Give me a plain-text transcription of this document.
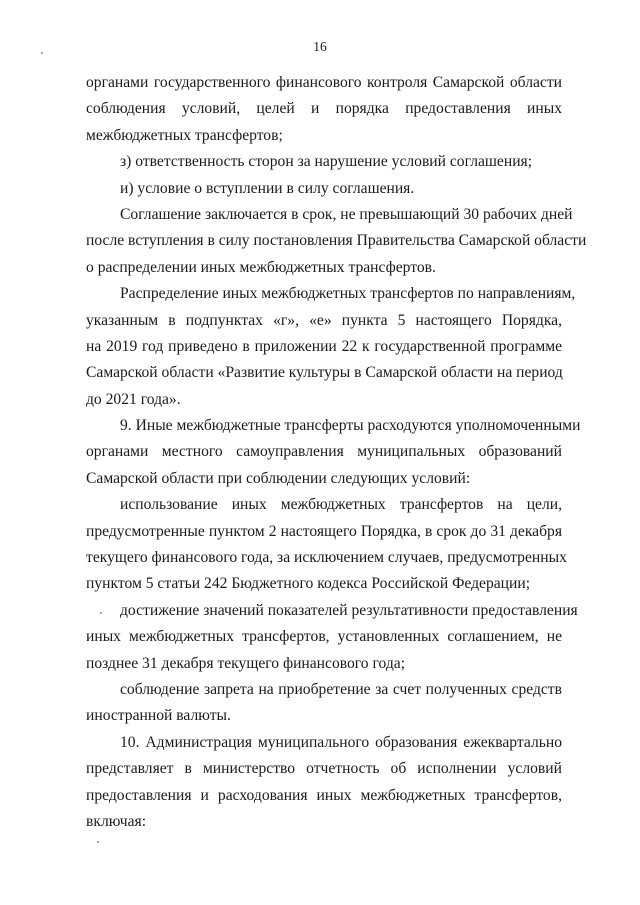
16
органами государственного финансового контроля Самарской области
соблюдения условий, целей и порядка предоставления иных
межбюджетных трансфертов;
з) ответственность сторон за нарушение условий соглашения;
и) условие о вступлении в силу соглашения.
Соглашение заключается в срок, не превышающий 30 рабочих дней
после вступления в силу постановления Правительства Самарской области
о распределении иных межбюджетных трансфертов.
Распределение иных межбюджетных трансфертов по направлениям,
указанным в подпунктах «г», «е» пункта 5 настоящего Порядка,
на 2019 год приведено в приложении 22 к государственной программе
Самарской области «Развитие культуры в Самарской области на период
до 2021 года».
9. Иные межбюджетные трансферты расходуются уполномоченными
органами местного самоуправления муниципальных образований
Самарской области при соблюдении следующих условий:
использование иных межбюджетных трансфертов на цели,
предусмотренные пунктом 2 настоящего Порядка, в срок до 31 декабря
текущего финансового года, за исключением случаев, предусмотренных
пунктом 5 статьи 242 Бюджетного кодекса Российской Федерации;
достижение значений показателей результативности предоставления
иных межбюджетных трансфертов, установленных соглашением, не
позднее 31 декабря текущего финансового года;
соблюдение запрета на приобретение за счет полученных средств
иностранной валюты.
10. Администрация муниципального образования ежеквартально
представляет в министерство отчетность об исполнении условий
предоставления и расходования иных межбюджетных трансфертов,
включая:
